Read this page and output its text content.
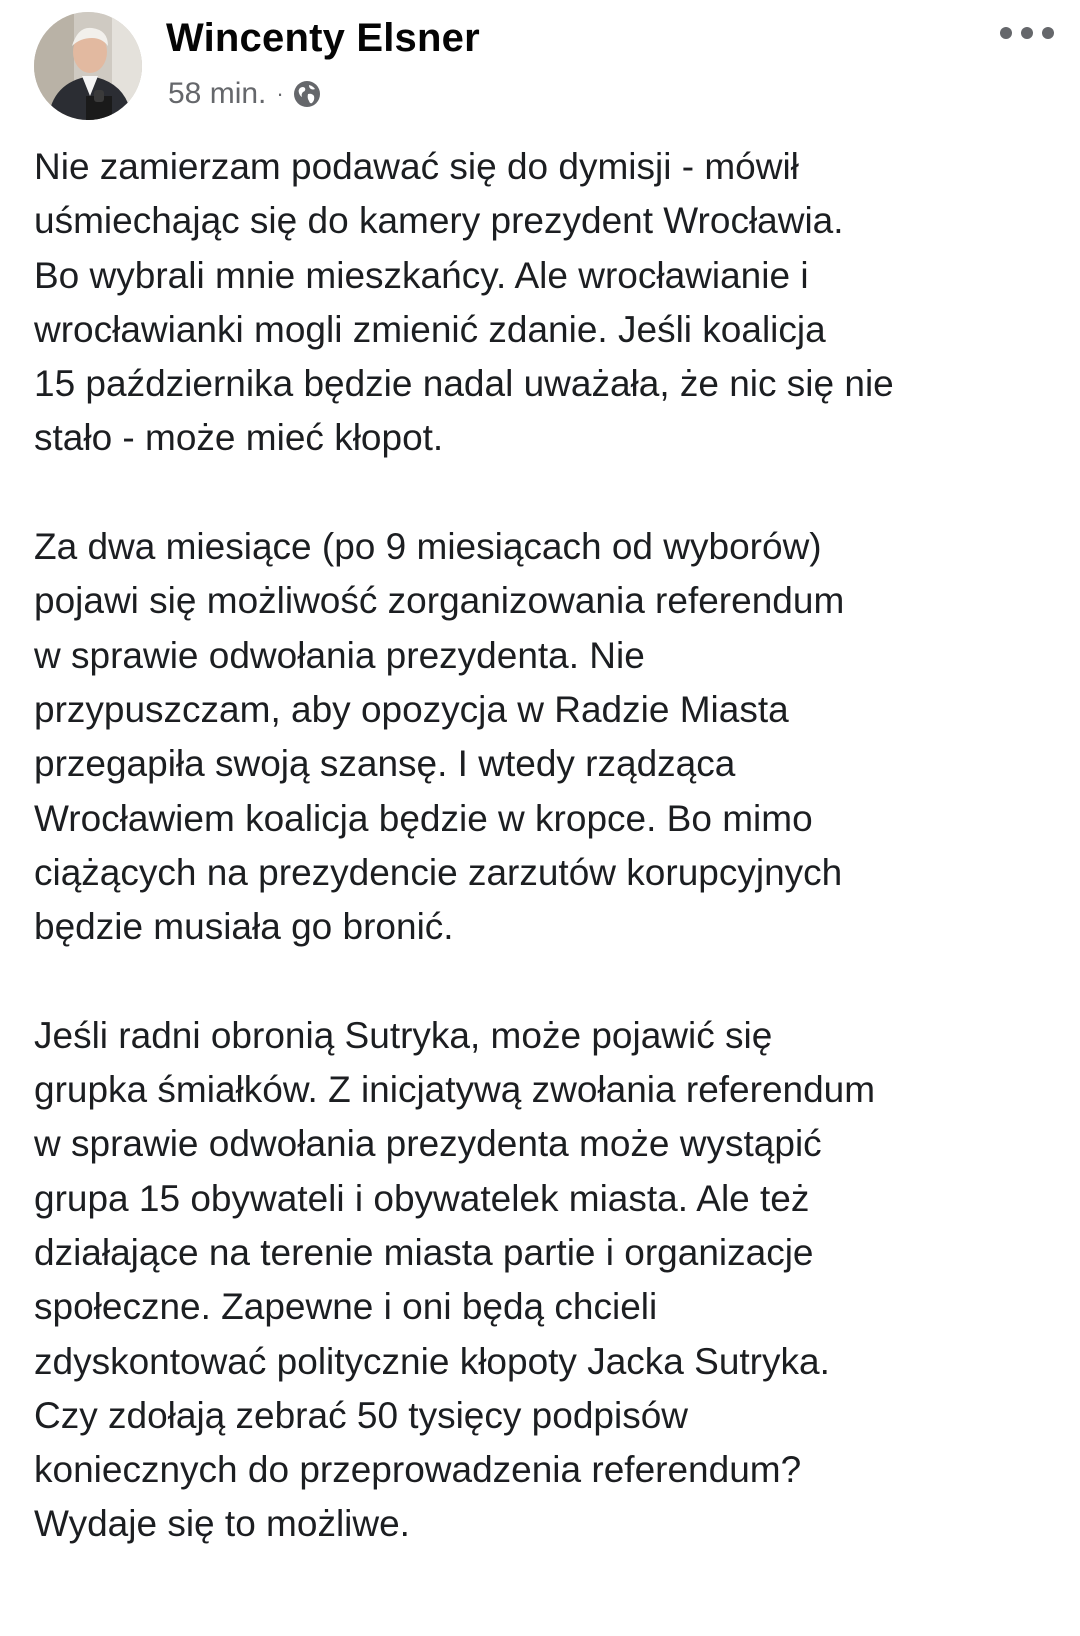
Wincenty Elsner
58 min. ·

Nie zamierzam podawać się do dymisji - mówił

uśmiechając się do kamery prezydent Wrocławia.

Bo wybrali mnie mieszkańcy. Ale wrocławianie i

wrocławianki mogli zmienić zdanie. Jeśli koalicja

15 października będzie nadal uważała, że nic się nie

stało - może mieć kłopot.

Za dwa miesiące (po 9 miesiącach od wyborów)

pojawi się możliwość zorganizowania referendum

w sprawie odwołania prezydenta. Nie

przypuszczam, aby opozycja w Radzie Miasta

przegapiła swoją szansę. I wtedy rządząca

Wrocławiem koalicja będzie w kropce. Bo mimo

ciążących na prezydencie zarzutów korupcyjnych

będzie musiała go bronić.

Jeśli radni obronią Sutryka, może pojawić się

grupka śmiałków. Z inicjatywą zwołania referendum

w sprawie odwołania prezydenta może wystąpić

grupa 15 obywateli i obywatelek miasta. Ale też

działające na terenie miasta partie i organizacje

społeczne. Zapewne i oni będą chcieli

zdyskontować politycznie kłopoty Jacka Sutryka.

Czy zdołają zebrać 50 tysięcy podpisów

koniecznych do przeprowadzenia referendum?

Wydaje się to możliwe.
